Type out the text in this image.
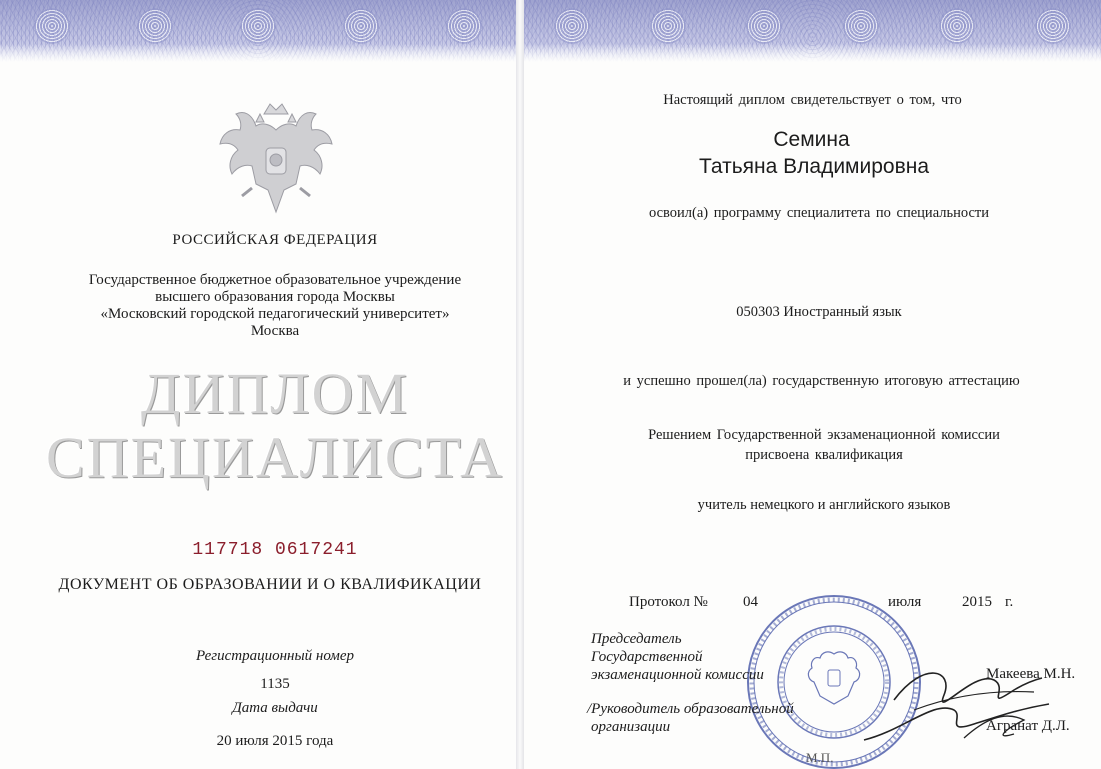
РОССИЙСКАЯ ФЕДЕРАЦИЯ
Государственное бюджетное образовательное учреждение
высшего образования города Москвы
«Московский городской педагогический университет»
Москва
ДИПЛОМ
СПЕЦИАЛИСТА
117718 0617241
ДОКУМЕНТ ОБ ОБРАЗОВАНИИ И О КВАЛИФИКАЦИИ
Регистрационный номер
1135
Дата выдачи
20 июля 2015 года
Настоящий диплом свидетельствует о том, что
Семина
Татьяна Владимировна
освоил(а) программу специалитета по специальности
050303 Иностранный язык
и успешно прошел(ла) государственную итоговую аттестацию
Решением Государственной экзаменационной комиссии
присвоена квалификация
учитель немецкого и английского языков
Протокол № 04	июля	2015 г.
Председатель
Государственной
экзаменационной комиссии	Макеева М.Н.
/Руководитель образовательной
организации	Агранат Д.Л.
М.П.
